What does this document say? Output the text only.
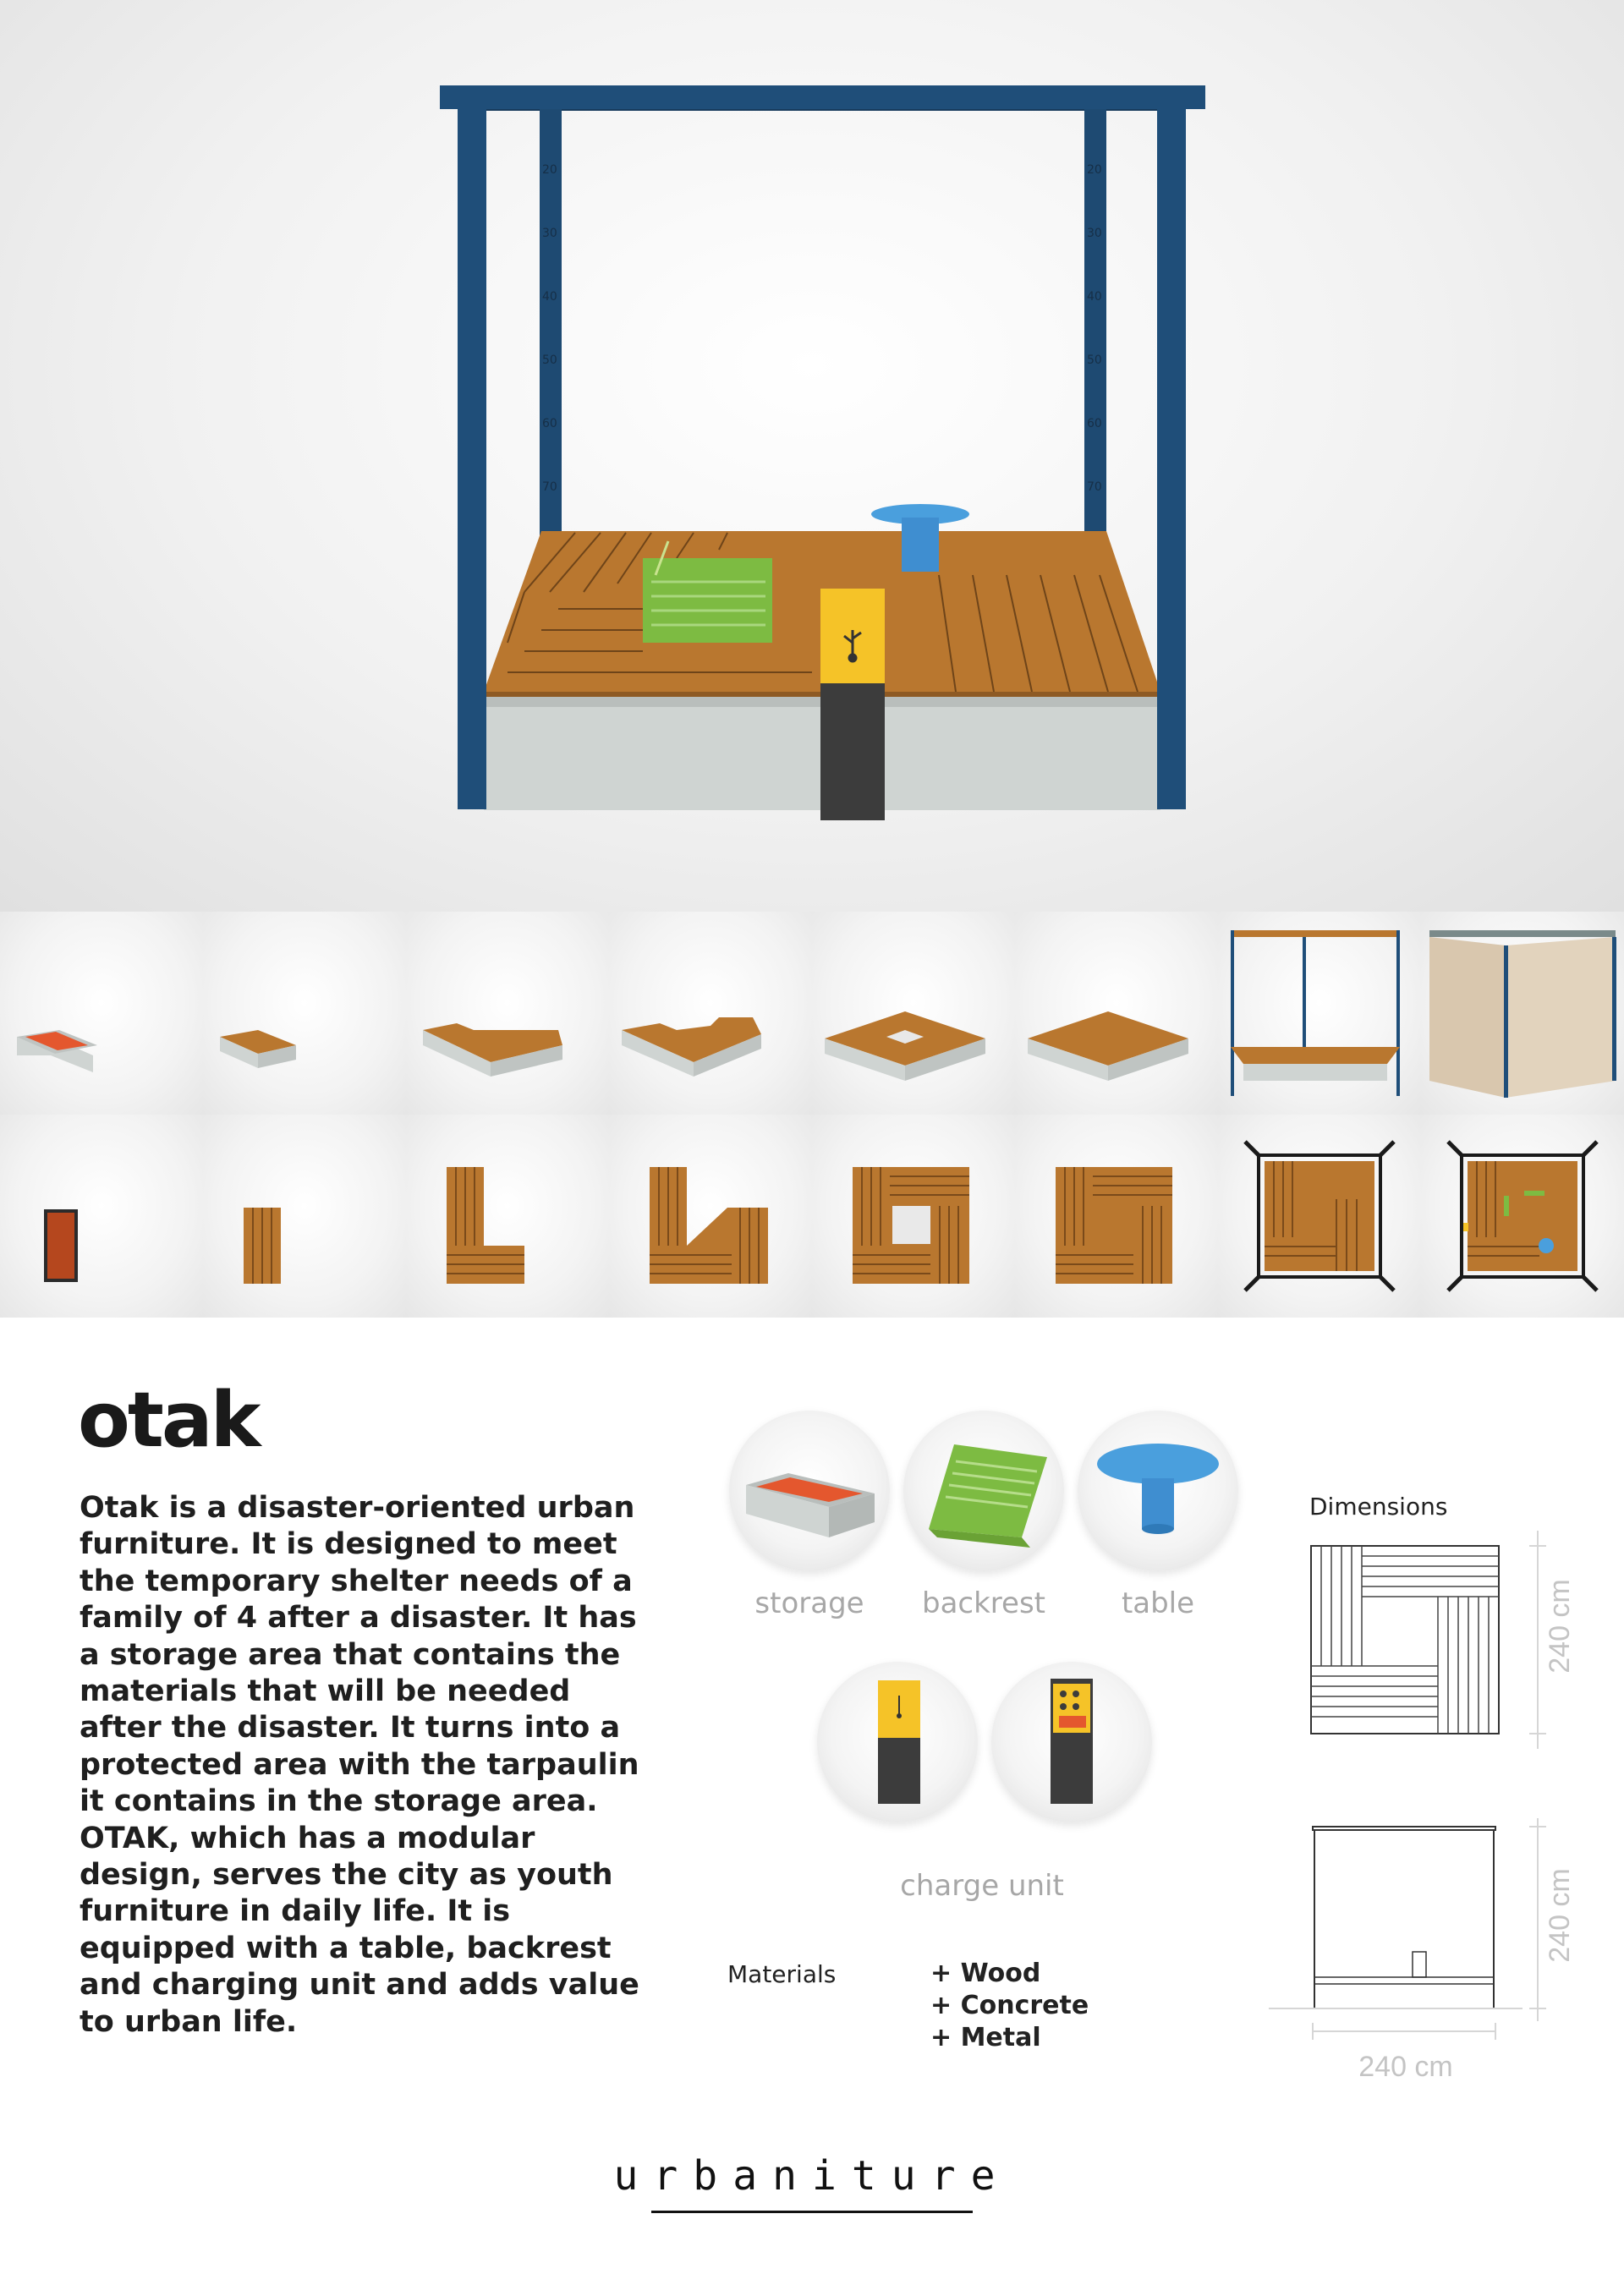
20
30
40
50
60
70
20
30
40
50
60
70
otak
Otak is a disaster-oriented urban furniture. It is designed to meet the temporary shelter needs of a family of 4 after a disaster. It has a storage area that contains the materials that will be needed after the disaster. It turns into a protected area with the tarpaulin it contains in the storage area. OTAK, which has a modular design, serves the city as youth furniture in daily life. It is equipped with a table, backrest and charging unit and adds value to urban life.
storage	backrest	table
charge unit
Materials	+ Wood
+ Concrete
+ Metal
Dimensions
240 cm
240 cm
240 cm
urbaniture
